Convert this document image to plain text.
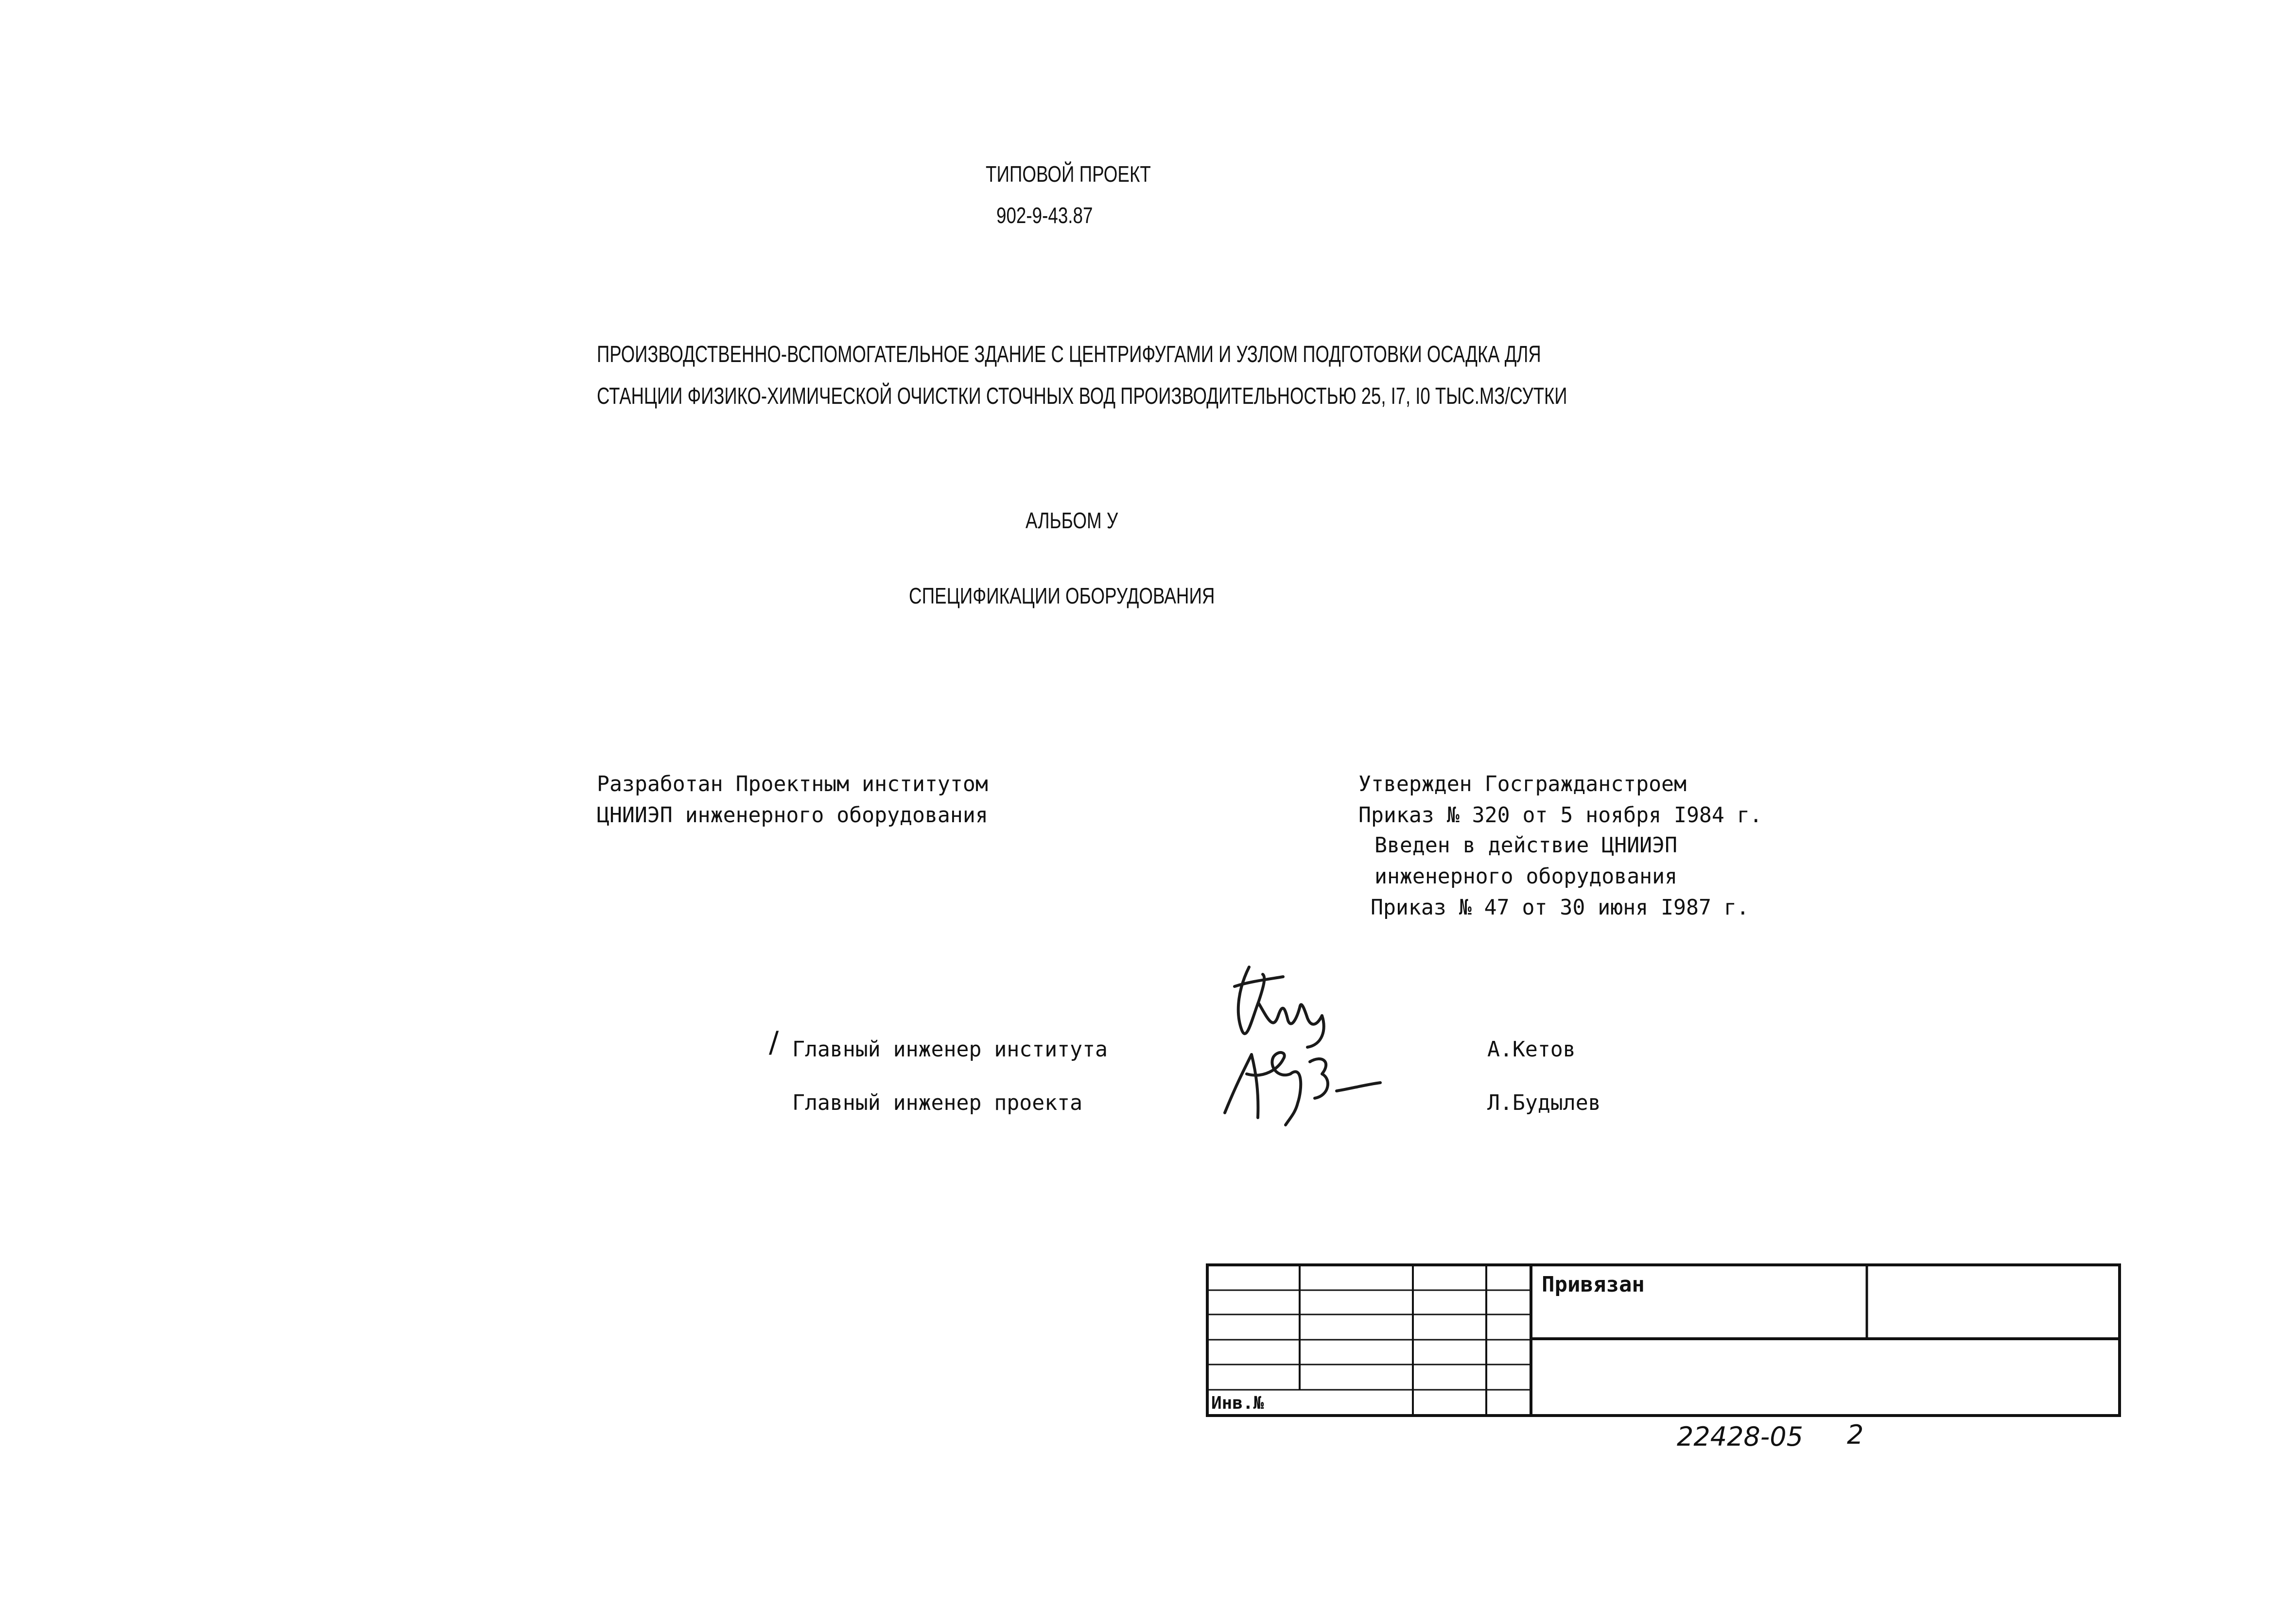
ТИПОВОЙ ПРОЕКТ
902-9-43.87
ПРОИЗВОДСТВЕННО-ВСПОМОГАТЕЛЬНОЕ ЗДАНИЕ С ЦЕНТРИФУГАМИ И УЗЛОМ ПОДГОТОВКИ ОСАДКА ДЛЯ
СТАНЦИИ ФИЗИКО-ХИМИЧЕСКОЙ ОЧИСТКИ СТОЧНЫХ ВОД ПРОИЗВОДИТЕЛЬНОСТЬЮ 25, I7, I0 ТЫС.МЗ/СУТКИ
АЛЬБОМ У
СПЕЦИФИКАЦИИ ОБОРУДОВАНИЯ
Разработан Проектным институтом
ЦНИИЭП инженерного оборудования
Утвержден Госгражданстроем
Приказ № 320 от 5 ноября I984 г.
Введен в действие ЦНИИЭП
инженерного оборудования
Приказ № 47 от 30 июня I987 г.
/ Главный инженер института
Главный инженер проекта
А.Кетов
Л.Будылев
Привязан
Инв.№
22428-05 2
